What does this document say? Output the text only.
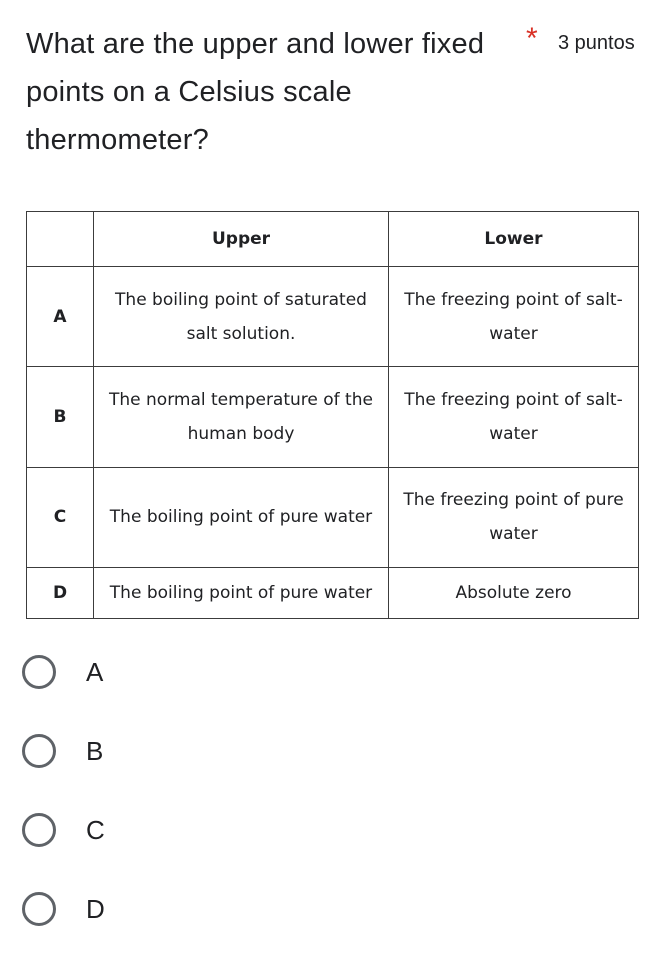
What are the upper and lower fixed points on a Celsius scale thermometer?
* 3 puntos
	Upper	Lower
A	The boiling point of saturated salt solution.	The freezing point of salt-water
B	The normal temperature of the human body	The freezing point of salt-water
C	The boiling point of pure water	The freezing point of pure water
D	The boiling point of pure water	Absolute zero
A
B
C
D
